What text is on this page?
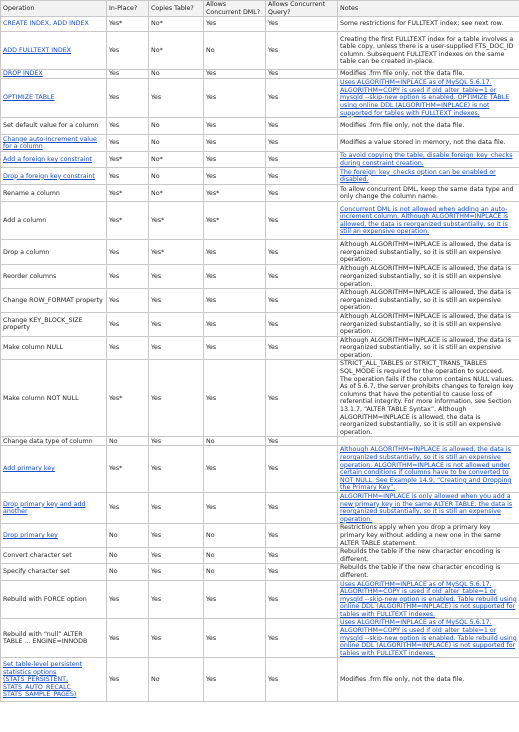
Operation	In-Place?	Copies Table?	Allows Concurrent DML?	Allows Concurrent Query?	Notes
CREATE INDEX, ADD INDEX	Yes*	No*	Yes	Yes	Some restrictions for FULLTEXT index; see next row.
ADD FULLTEXT INDEX	Yes	No*	No	Yes	Creating the first FULLTEXT index for a table involves a table copy, unless there is a user-supplied FTS_DOC_ID column. Subsequent FULLTEXT indexes on the same table can be created in-place.
DROP INDEX	Yes	No	Yes	Yes	Modifies .frm file only, not the data file.
OPTIMIZE TABLE	Yes	Yes	Yes	Yes	Uses ALGORITHM=INPLACE as of MySQL 5.6.17. ALGORITHM=COPY is used if old_alter_table=1 or mysqld --skip-new option is enabled. OPTIMIZE TABLE using online DDL (ALGORITHM=INPLACE) is not supported for tables with FULLTEXT indexes.
Set default value for a column	Yes	No	Yes	Yes	Modifies .frm file only, not the data file.
Change auto-increment value for a column	Yes	No	Yes	Yes	Modifies a value stored in memory, not the data file.
Add a foreign key constraint	Yes*	No*	Yes	Yes	To avoid copying the table, disable foreign_key_checks during constraint creation.
Drop a foreign key constraint	Yes	No	Yes	Yes	The foreign_key_checks option can be enabled or disabled.
Rename a column	Yes*	No*	Yes*	Yes	To allow concurrent DML, keep the same data type and only change the column name.
Add a column	Yes*	Yes*	Yes*	Yes	Concurrent DML is not allowed when adding an auto-increment column. Although ALGORITHM=INPLACE is allowed, the data is reorganized substantially, so it is still an expensive operation.
Drop a column	Yes	Yes*	Yes	Yes	Although ALGORITHM=INPLACE is allowed, the data is reorganized substantially, so it is still an expensive operation.
Reorder columns	Yes	Yes	Yes	Yes	Although ALGORITHM=INPLACE is allowed, the data is reorganized substantially, so it is still an expensive operation.
Change ROW_FORMAT property	Yes	Yes	Yes	Yes	Although ALGORITHM=INPLACE is allowed, the data is reorganized substantially, so it is still an expensive operation.
Change KEY_BLOCK_SIZE property	Yes	Yes	Yes	Yes	Although ALGORITHM=INPLACE is allowed, the data is reorganized substantially, so it is still an expensive operation.
Make column NULL	Yes	Yes	Yes	Yes	Although ALGORITHM=INPLACE is allowed, the data is reorganized substantially, so it is still an expensive operation.
Make column NOT NULL	Yes*	Yes	Yes	Yes	STRICT_ALL_TABLES or STRICT_TRANS_TABLES SQL_MODE is required for the operation to succeed. The operation fails if the column contains NULL values. As of 5.6.7, the server prohibits changes to foreign key columns that have the potential to cause loss of referential integrity. For more information, see Section 13.1.7, “ALTER TABLE Syntax”. Although ALGORITHM=INPLACE is allowed, the data is reorganized substantially, so it is still an expensive operation.
Change data type of column	No	Yes	No	Yes	
Add primary key	Yes*	Yes	Yes	Yes	Although ALGORITHM=INPLACE is allowed, the data is reorganized substantially, so it is still an expensive operation. ALGORITHM=INPLACE is not allowed under certain conditions if columns have to be converted to NOT NULL. See Example 14.9, “Creating and Dropping the Primary Key”.
Drop primary key and add another	Yes	Yes	Yes	Yes	ALGORITHM=INPLACE is only allowed when you add a new primary key in the same ALTER TABLE; the data is reorganized substantially, so it is still an expensive operation.
Drop primary key	No	Yes	No	Yes	Restrictions apply when you drop a primary key primary key without adding a new one in the same ALTER TABLE statement.
Convert character set	No	Yes	No	Yes	Rebuilds the table if the new character encoding is different.
Specify character set	No	Yes	No	Yes	Rebuilds the table if the new character encoding is different.
Rebuild with FORCE option	Yes	Yes	Yes	Yes	Uses ALGORITHM=INPLACE as of MySQL 5.6.17. ALGORITHM=COPY is used if old_alter_table=1 or mysqld --skip-new option is enabled. Table rebuild using online DDL (ALGORITHM=INPLACE) is not supported for tables with FULLTEXT indexes.
Rebuild with “null” ALTER TABLE ... ENGINE=INNODB	Yes	Yes	Yes	Yes	Uses ALGORITHM=INPLACE as of MySQL 5.6.17. ALGORITHM=COPY is used if old_alter_table=1 or mysqld --skip-new option is enabled. Table rebuild using online DDL (ALGORITHM=INPLACE) is not supported for tables with FULLTEXT indexes.
Set table-level persistent statistics options (STATS_PERSISTENT, STATS_AUTO_RECALC STATS_SAMPLE_PAGES)	Yes	No	Yes	Yes	Modifies .frm file only, not the data file.
